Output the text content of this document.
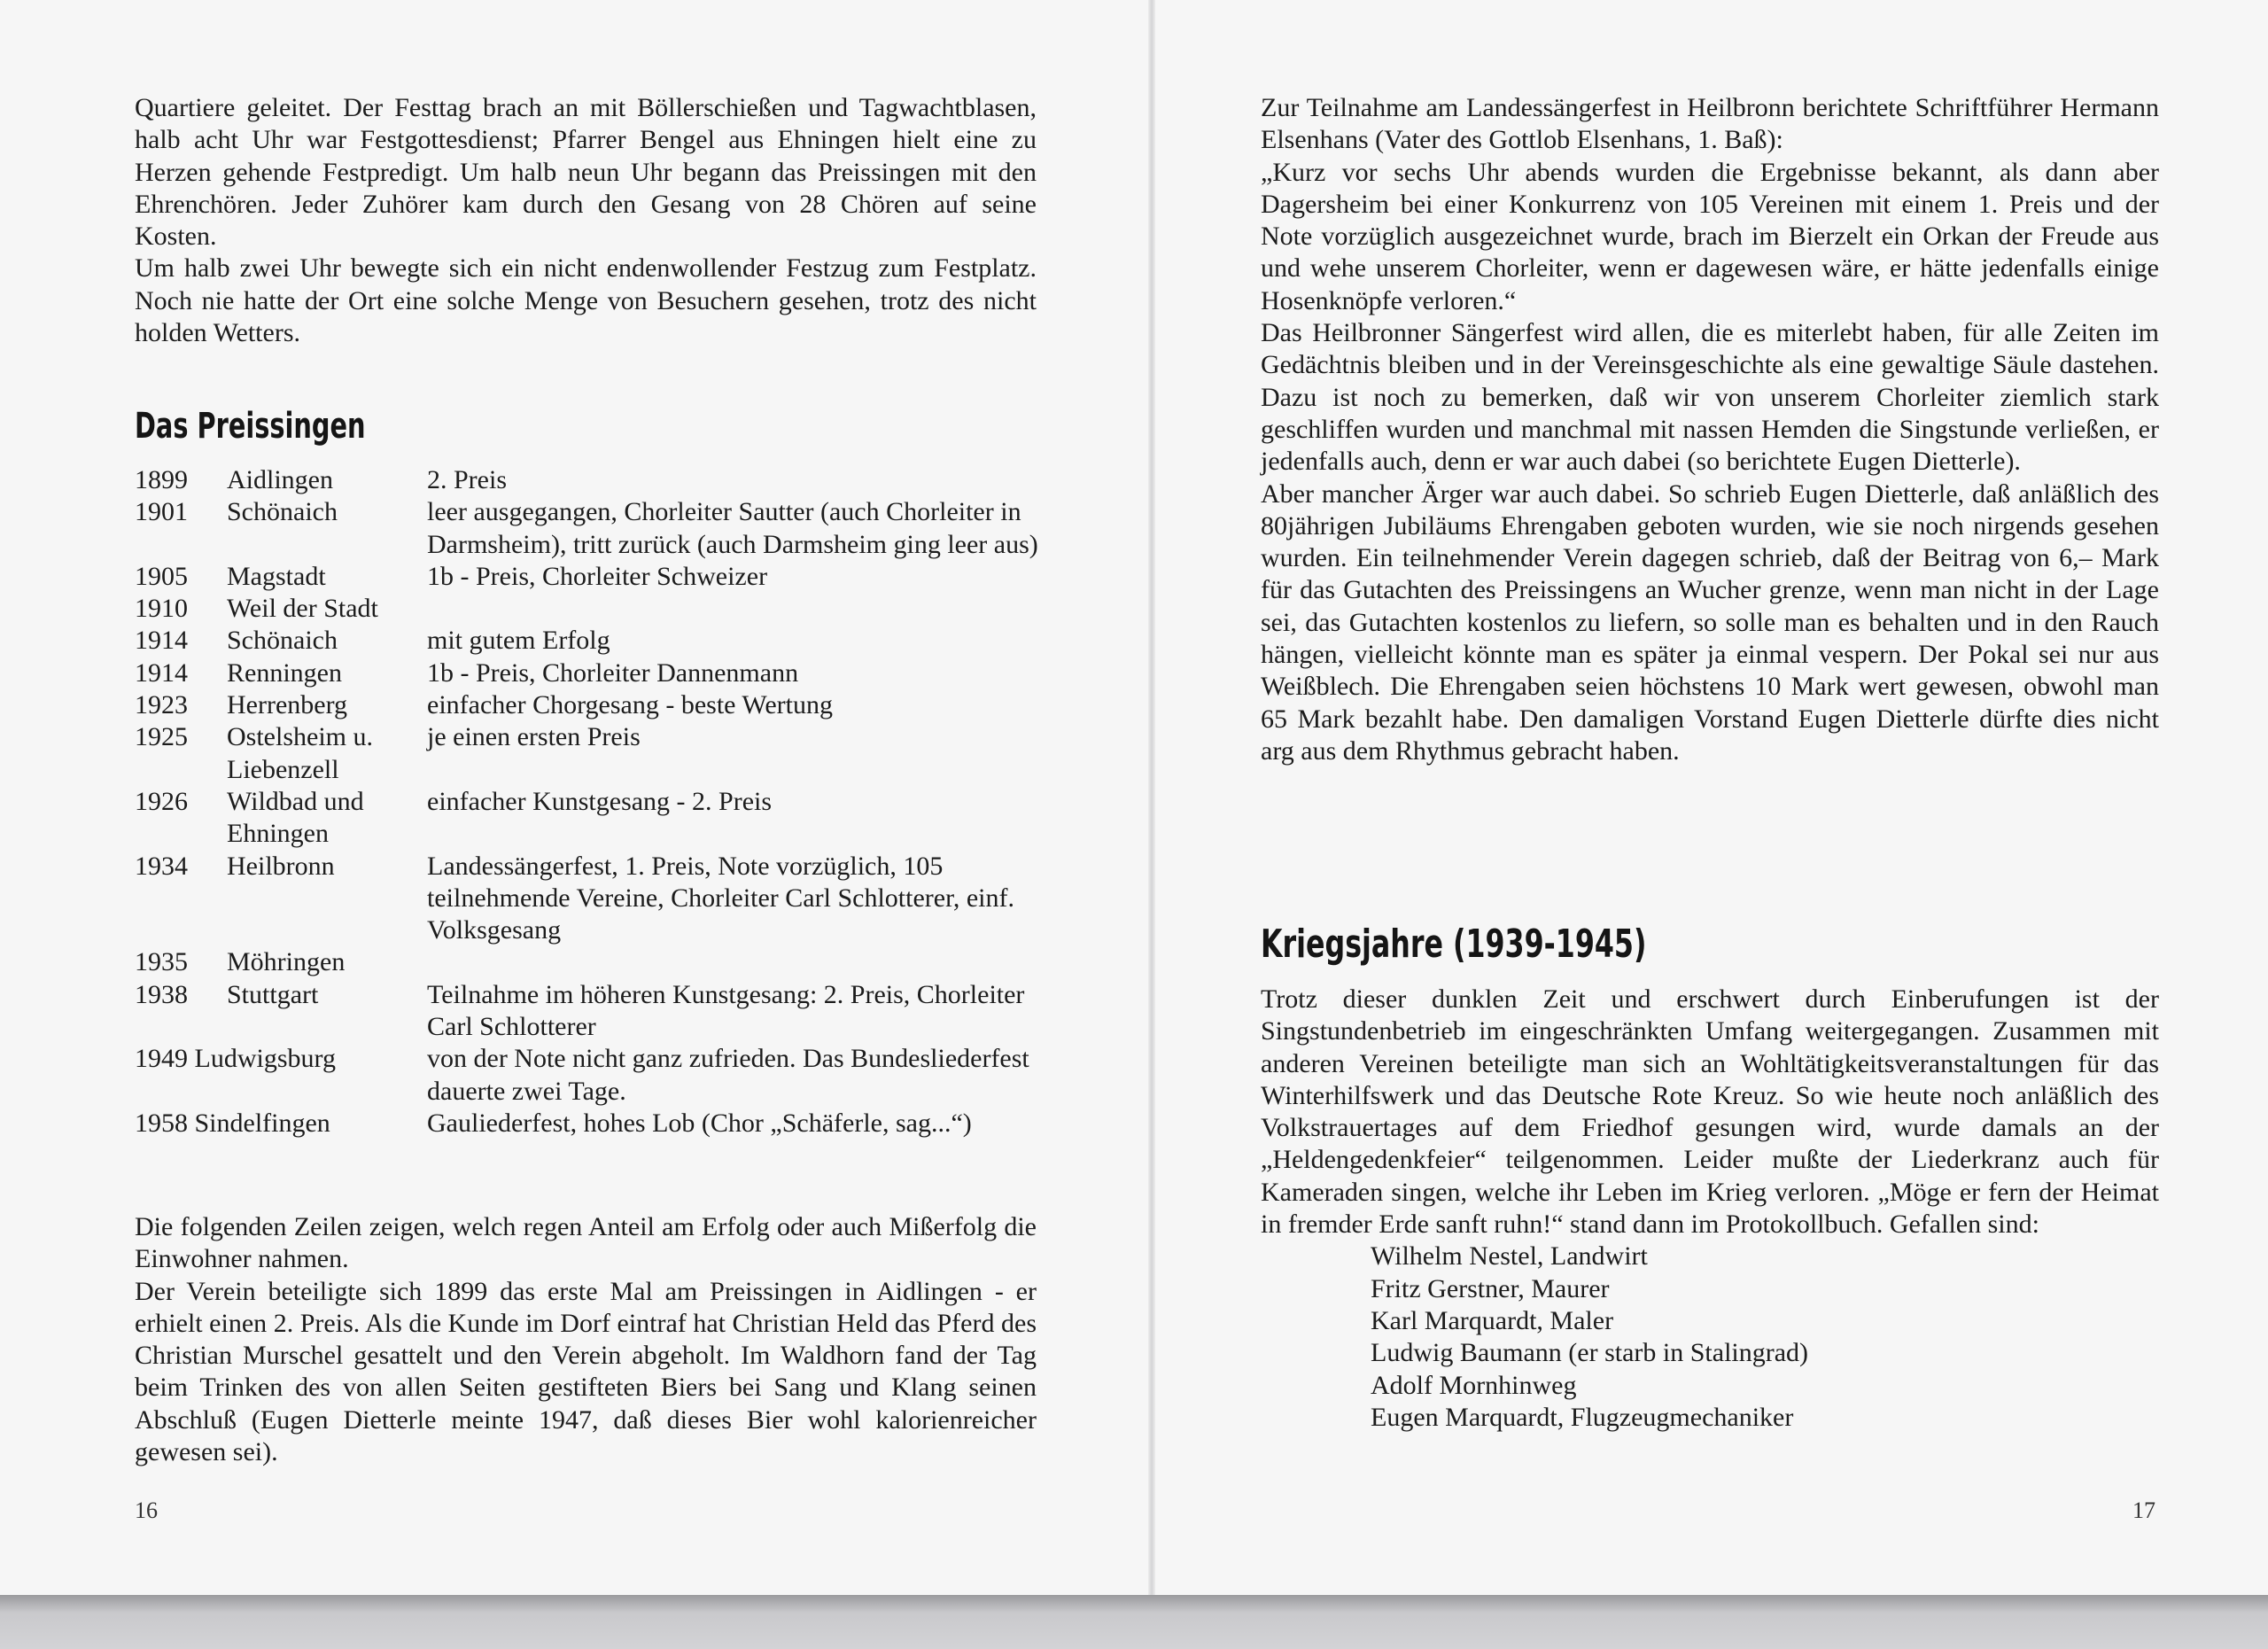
Quartiere geleitet. Der Festtag brach an mit Böllerschießen und Tagwachtblasen, halb acht Uhr war Festgottesdienst; Pfarrer Bengel aus Ehningen hielt eine zu Herzen gehende Festpredigt. Um halb neun Uhr begann das Preissingen mit den Ehrenchören. Jeder Zuhörer kam durch den Gesang von 28 Chören auf seine Kosten.

Um halb zwei Uhr bewegte sich ein nicht endenwollender Festzug zum Festplatz. Noch nie hatte der Ort eine solche Menge von Besuchern gesehen, trotz des nicht holden Wetters.

Das Preissingen
1899	Aidlingen	2. Preis
1901	Schönaich	leer ausgegangen, Chorleiter Sautter (auch Chorleiter in Darmsheim), tritt zurück (auch Darmsheim ging leer aus)
1905	Magstadt	1b - Preis, Chorleiter Schweizer
1910	Weil der Stadt	
1914	Schönaich	mit gutem Erfolg
1914	Renningen	1b - Preis, Chorleiter Dannenmann
1923	Herrenberg	einfacher Chorgesang - beste Wertung
1925	Ostelsheim u. Liebenzell	je einen ersten Preis
1926	Wildbad und Ehningen	einfacher Kunstgesang - 2. Preis
1934	Heilbronn	Landessängerfest, 1. Preis, Note vorzüglich, 105 teilnehmende Vereine, Chorleiter Carl Schlotterer, einf. Volksgesang
1935	Möhringen	
1938	Stuttgart	Teilnahme im höheren Kunstgesang: 2. Preis, Chorleiter Carl Schlotterer
1949 Ludwigsburg		von der Note nicht ganz zufrieden. Das Bundesliederfest dauerte zwei Tage.
1958 Sindelfingen		Gauliederfest, hohes Lob (Chor „Schäferle, sag...“)

Die folgenden Zeilen zeigen, welch regen Anteil am Erfolg oder auch Mißerfolg die Einwohner nahmen.

Der Verein beteiligte sich 1899 das erste Mal am Preissingen in Aidlingen - er erhielt einen 2. Preis. Als die Kunde im Dorf eintraf hat Christian Held das Pferd des Christian Murschel gesattelt und den Verein abgeholt. Im Waldhorn fand der Tag beim Trinken des von allen Seiten gestifteten Biers bei Sang und Klang seinen Abschluß (Eugen Dietterle meinte 1947, daß dieses Bier wohl kalorienreicher gewesen sei).

16

Zur Teilnahme am Landessängerfest in Heilbronn berichtete Schriftführer Hermann Elsenhans (Vater des Gottlob Elsenhans, 1. Baß):

„Kurz vor sechs Uhr abends wurden die Ergebnisse bekannt, als dann aber Dagersheim bei einer Konkurrenz von 105 Vereinen mit einem 1. Preis und der Note vorzüglich ausgezeichnet wurde, brach im Bierzelt ein Orkan der Freude aus und wehe unserem Chorleiter, wenn er dagewesen wäre, er hätte jedenfalls einige Hosenknöpfe verloren.“

Das Heilbronner Sängerfest wird allen, die es miterlebt haben, für alle Zeiten im Gedächtnis bleiben und in der Vereinsgeschichte als eine gewaltige Säule dastehen. Dazu ist noch zu bemerken, daß wir von unserem Chorleiter ziemlich stark geschliffen wurden und manchmal mit nassen Hemden die Singstunde verließen, er jedenfalls auch, denn er war auch dabei (so berichtete Eugen Dietterle).

Aber mancher Ärger war auch dabei. So schrieb Eugen Dietterle, daß anläßlich des 80jährigen Jubiläums Ehrengaben geboten wurden, wie sie noch nirgends gesehen wurden. Ein teilnehmender Verein dagegen schrieb, daß der Beitrag von 6,– Mark für das Gutachten des Preissingens an Wucher grenze, wenn man nicht in der Lage sei, das Gutachten kostenlos zu liefern, so solle man es behalten und in den Rauch hängen, vielleicht könnte man es später ja einmal vespern. Der Pokal sei nur aus Weißblech. Die Ehrengaben seien höchstens 10 Mark wert gewesen, obwohl man 65 Mark bezahlt habe. Den damaligen Vorstand Eugen Dietterle dürfte dies nicht arg aus dem Rhythmus gebracht haben.

Kriegsjahre (1939-1945)

Trotz dieser dunklen Zeit und erschwert durch Einberufungen ist der Singstundenbetrieb im eingeschränkten Umfang weitergegangen. Zusammen mit anderen Vereinen beteiligte man sich an Wohltätigkeitsveranstaltungen für das Winterhilfswerk und das Deutsche Rote Kreuz. So wie heute noch anläßlich des Volkstrauertages auf dem Friedhof gesungen wird, wurde damals an der „Heldengedenkfeier“ teilgenommen. Leider mußte der Liederkranz auch für Kameraden singen, welche ihr Leben im Krieg verloren. „Möge er fern der Heimat in fremder Erde sanft ruhn!“ stand dann im Protokollbuch. Gefallen sind:

Wilhelm Nestel, Landwirt
Fritz Gerstner, Maurer
Karl Marquardt, Maler
Ludwig Baumann (er starb in Stalingrad)
Adolf Mornhinweg
Eugen Marquardt, Flugzeugmechaniker
17
